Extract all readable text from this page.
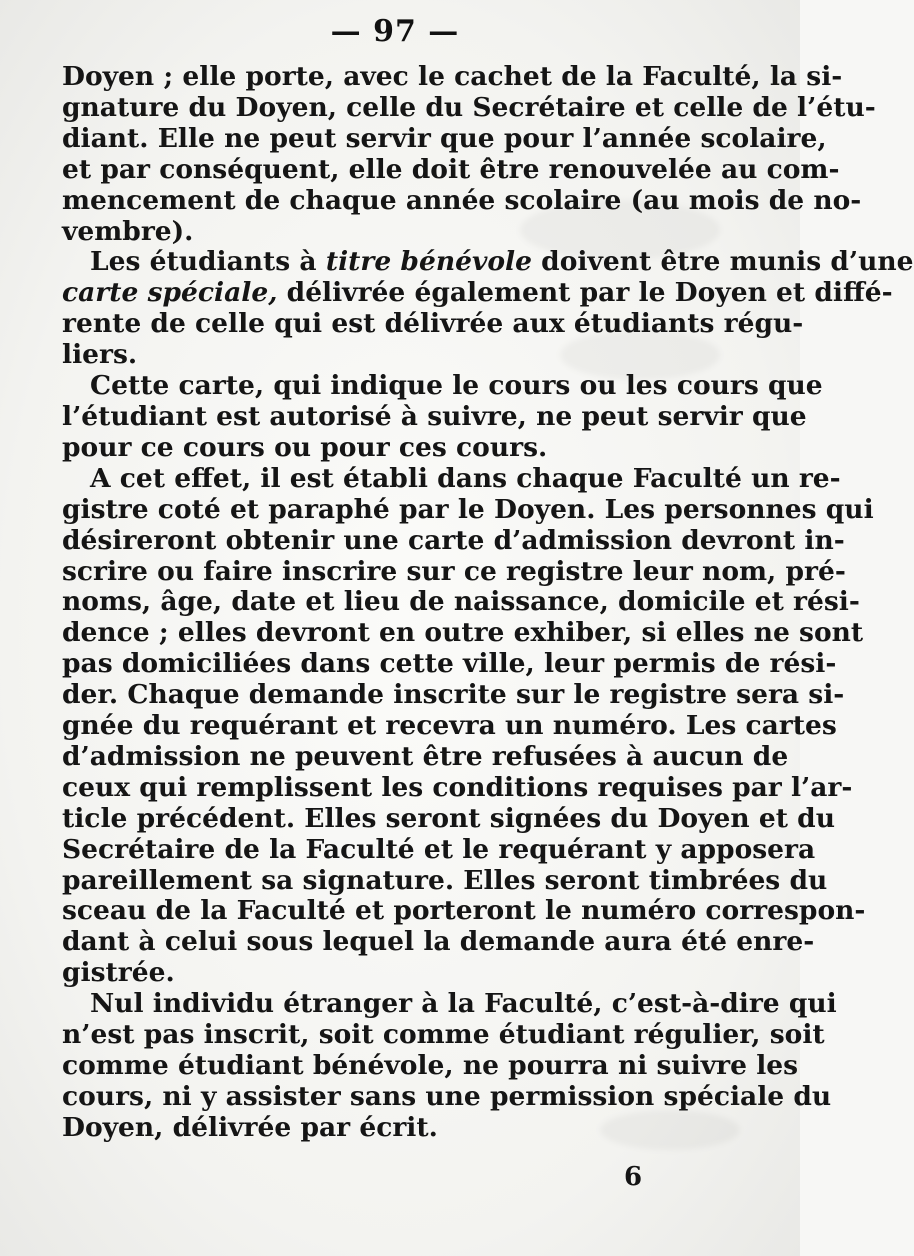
— 97 —

Doyen ; elle porte, avec le cachet de la Faculté, la si-
gnature du Doyen, celle du Secrétaire et celle de l’étu-
diant. Elle ne peut servir que pour l’année scolaire,
et par conséquent, elle doit être renouvelée au com-
mencement de chaque année scolaire (au mois de no-
vembre).

Les étudiants à titre bénévole doivent être munis d’une
carte spéciale, délivrée également par le Doyen et diffé-
rente de celle qui est délivrée aux étudiants régu-
liers.

Cette carte, qui indique le cours ou les cours que
l’étudiant est autorisé à suivre, ne peut servir que
pour ce cours ou pour ces cours.

A cet effet, il est établi dans chaque Faculté un re-
gistre coté et paraphé par le Doyen. Les personnes qui
désireront obtenir une carte d’admission devront in-
scrire ou faire inscrire sur ce registre leur nom, pré-
noms, âge, date et lieu de naissance, domicile et rési-
dence ; elles devront en outre exhiber, si elles ne sont
pas domiciliées dans cette ville, leur permis de rési-
der. Chaque demande inscrite sur le registre sera si-
gnée du requérant et recevra un numéro. Les cartes
d’admission ne peuvent être refusées à aucun de
ceux qui remplissent les conditions requises par l’ar-
ticle précédent. Elles seront signées du Doyen et du
Secrétaire de la Faculté et le requérant y apposera
pareillement sa signature. Elles seront timbrées du
sceau de la Faculté et porteront le numéro correspon-
dant à celui sous lequel la demande aura été enre-
gistrée.

Nul individu étranger à la Faculté, c’est-à-dire qui
n’est pas inscrit, soit comme étudiant régulier, soit
comme étudiant bénévole, ne pourra ni suivre les
cours, ni y assister sans une permission spéciale du
Doyen, délivrée par écrit.

6
